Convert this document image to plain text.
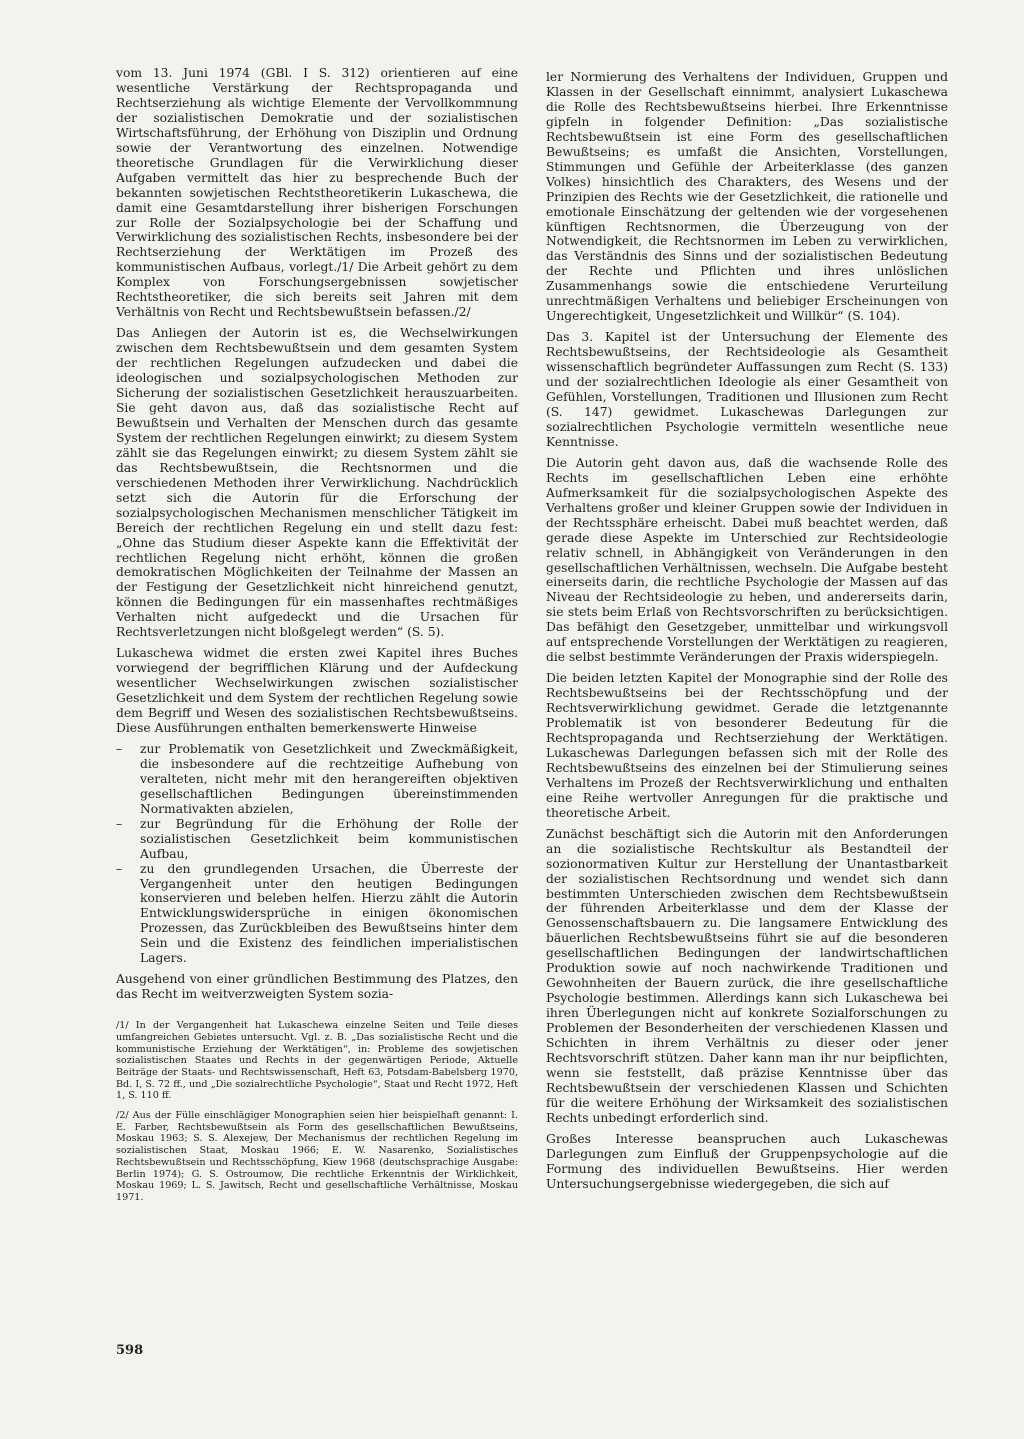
vom 13. Juni 1974 (GBl. I S. 312) orientieren auf eine wesentliche Verstärkung der Rechtspropaganda und Rechtserziehung als wichtige Elemente der Vervollkommnung der sozialistischen Demokratie und der sozialistischen Wirtschaftsführung, der Erhöhung von Disziplin und Ordnung sowie der Verantwortung des einzelnen. Notwendige theoretische Grundlagen für die Verwirklichung dieser Aufgaben vermittelt das hier zu besprechende Buch der bekannten sowjetischen Rechtstheoretikerin Lukaschewa, die damit eine Gesamtdarstellung ihrer bisherigen Forschungen zur Rolle der Sozialpsychologie bei der Schaffung und Verwirklichung des sozialistischen Rechts, insbesondere bei der Rechtserziehung der Werktätigen im Prozeß des kommunistischen Aufbaus, vorlegt./1/ Die Arbeit gehört zu dem Komplex von Forschungsergebnissen sowjetischer Rechtstheoretiker, die sich bereits seit Jahren mit dem Verhältnis von Recht und Rechtsbewußtsein befassen./2/

Das Anliegen der Autorin ist es, die Wechselwirkungen zwischen dem Rechtsbewußtsein und dem gesamten System der rechtlichen Regelungen aufzudecken und dabei die ideologischen und sozialpsychologischen Methoden zur Sicherung der sozialistischen Gesetzlichkeit herauszuarbeiten. Sie geht davon aus, daß das sozialistische Recht auf Bewußtsein und Verhalten der Menschen durch das gesamte System der rechtlichen Regelungen einwirkt; zu diesem System zählt sie das Regelungen einwirkt; zu diesem System zählt sie das Rechtsbewußtsein, die Rechtsnormen und die verschiedenen Methoden ihrer Verwirklichung. Nachdrücklich setzt sich die Autorin für die Erforschung der sozialpsychologischen Mechanismen menschlicher Tätigkeit im Bereich der rechtlichen Regelung ein und stellt dazu fest: „Ohne das Studium dieser Aspekte kann die Effektivität der rechtlichen Regelung nicht erhöht, können die großen demokratischen Möglichkeiten der Teilnahme der Massen an der Festigung der Gesetzlichkeit nicht hinreichend genutzt, können die Bedingungen für ein massenhaftes rechtmäßiges Verhalten nicht aufgedeckt und die Ursachen für Rechtsverletzungen nicht bloßgelegt werden“ (S. 5).

Lukaschewa widmet die ersten zwei Kapitel ihres Buches vorwiegend der begrifflichen Klärung und der Aufdeckung wesentlicher Wechselwirkungen zwischen sozialistischer Gesetzlichkeit und dem System der rechtlichen Regelung sowie dem Begriff und Wesen des sozialistischen Rechtsbewußtseins. Diese Ausführungen enthalten bemerkenswerte Hinweise

– zur Problematik von Gesetzlichkeit und Zweckmäßigkeit, die insbesondere auf die rechtzeitige Aufhebung von veralteten, nicht mehr mit den herangereiften objektiven gesellschaftlichen Bedingungen übereinstimmenden Normativakten abzielen,
– zur Begründung für die Erhöhung der Rolle der sozialistischen Gesetzlichkeit beim kommunistischen Aufbau,
– zu den grundlegenden Ursachen, die Überreste der Vergangenheit unter den heutigen Bedingungen konservieren und beleben helfen. Hierzu zählt die Autorin Entwicklungswidersprüche in einigen ökonomischen Prozessen, das Zurückbleiben des Bewußtseins hinter dem Sein und die Existenz des feindlichen imperialistischen Lagers.

Ausgehend von einer gründlichen Bestimmung des Platzes, den das Recht im weitverzweigten System sozia-

/1/ In der Vergangenheit hat Lukaschewa einzelne Seiten und Teile dieses umfangreichen Gebietes untersucht. Vgl. z. B. „Das sozialistische Recht und die kommunistische Erziehung der Werktätigen“, in: Probleme des sowjetischen sozialistischen Staates und Rechts in der gegenwärtigen Periode, Aktuelle Beiträge der Staats- und Rechtswissenschaft, Heft 63, Potsdam-Babelsberg 1970, Bd. I, S. 72 ff., und „Die sozialrechtliche Psychologie“, Staat und Recht 1972, Heft 1, S. 110 ff.

/2/ Aus der Fülle einschlägiger Monographien seien hier beispielhaft genannt: I. E. Farber, Rechtsbewußtsein als Form des gesellschaftlichen Bewußtseins, Moskau 1963; S. S. Alexejew, Der Mechanismus der rechtlichen Regelung im sozialistischen Staat, Moskau 1966; E. W. Nasarenko, Sozialistisches Rechtsbewußtsein und Rechtsschöpfung, Kiew 1968 (deutschsprachige Ausgabe: Berlin 1974); G. S. Ostroumow, Die rechtliche Erkenntnis der Wirklichkeit, Moskau 1969; L. S. Jawitsch, Recht und gesellschaftliche Verhältnisse, Moskau 1971.

ler Normierung des Verhaltens der Individuen, Gruppen und Klassen in der Gesellschaft einnimmt, analysiert Lukaschewa die Rolle des Rechtsbewußtseins hierbei. Ihre Erkenntnisse gipfeln in folgender Definition: „Das sozialistische Rechtsbewußtsein ist eine Form des gesellschaftlichen Bewußtseins; es umfaßt die Ansichten, Vorstellungen, Stimmungen und Gefühle der Arbeiterklasse (des ganzen Volkes) hinsichtlich des Charakters, des Wesens und der Prinzipien des Rechts wie der Gesetzlichkeit, die rationelle und emotionale Einschätzung der geltenden wie der vorgesehenen künftigen Rechtsnormen, die Überzeugung von der Notwendigkeit, die Rechtsnormen im Leben zu verwirklichen, das Verständnis des Sinns und der sozialistischen Bedeutung der Rechte und Pflichten und ihres unlöslichen Zusammenhangs sowie die entschiedene Verurteilung unrechtmäßigen Verhaltens und beliebiger Erscheinungen von Ungerechtigkeit, Ungesetzlichkeit und Willkür“ (S. 104).

Das 3. Kapitel ist der Untersuchung der Elemente des Rechtsbewußtseins, der Rechtsideologie als Gesamtheit wissenschaftlich begründeter Auffassungen zum Recht (S. 133) und der sozialrechtlichen Ideologie als einer Gesamtheit von Gefühlen, Vorstellungen, Traditionen und Illusionen zum Recht (S. 147) gewidmet. Lukaschewas Darlegungen zur sozialrechtlichen Psychologie vermitteln wesentliche neue Kenntnisse.

Die Autorin geht davon aus, daß die wachsende Rolle des Rechts im gesellschaftlichen Leben eine erhöhte Aufmerksamkeit für die sozialpsychologischen Aspekte des Verhaltens großer und kleiner Gruppen sowie der Individuen in der Rechtssphäre erheischt. Dabei muß beachtet werden, daß gerade diese Aspekte im Unterschied zur Rechtsideologie relativ schnell, in Abhängigkeit von Veränderungen in den gesellschaftlichen Verhältnissen, wechseln. Die Aufgabe besteht einerseits darin, die rechtliche Psychologie der Massen auf das Niveau der Rechtsideologie zu heben, und andererseits darin, sie stets beim Erlaß von Rechtsvorschriften zu berücksichtigen. Das befähigt den Gesetzgeber, unmittelbar und wirkungsvoll auf entsprechende Vorstellungen der Werktätigen zu reagieren, die selbst bestimmte Veränderungen der Praxis widerspiegeln.

Die beiden letzten Kapitel der Monographie sind der Rolle des Rechtsbewußtseins bei der Rechtsschöpfung und der Rechtsverwirklichung gewidmet. Gerade die letztgenannte Problematik ist von besonderer Bedeutung für die Rechtspropaganda und Rechtserziehung der Werktätigen. Lukaschewas Darlegungen befassen sich mit der Rolle des Rechtsbewußtseins des einzelnen bei der Stimulierung seines Verhaltens im Prozeß der Rechtsverwirklichung und enthalten eine Reihe wertvoller Anregungen für die praktische und theoretische Arbeit.

Zunächst beschäftigt sich die Autorin mit den Anforderungen an die sozialistische Rechtskultur als Bestandteil der sozionormativen Kultur zur Herstellung der Unantastbarkeit der sozialistischen Rechtsordnung und wendet sich dann bestimmten Unterschieden zwischen dem Rechtsbewußtsein der führenden Arbeiterklasse und dem der Klasse der Genossenschaftsbauern zu. Die langsamere Entwicklung des bäuerlichen Rechtsbewußtseins führt sie auf die besonderen gesellschaftlichen Bedingungen der landwirtschaftlichen Produktion sowie auf noch nachwirkende Traditionen und Gewohnheiten der Bauern zurück, die ihre gesellschaftliche Psychologie bestimmen. Allerdings kann sich Lukaschewa bei ihren Überlegungen nicht auf konkrete Sozialforschungen zu Problemen der Besonderheiten der verschiedenen Klassen und Schichten in ihrem Verhältnis zu dieser oder jener Rechtsvorschrift stützen. Daher kann man ihr nur beipflichten, wenn sie feststellt, daß präzise Kenntnisse über das Rechtsbewußtsein der verschiedenen Klassen und Schichten für die weitere Erhöhung der Wirksamkeit des sozialistischen Rechts unbedingt erforderlich sind.

Großes Interesse beanspruchen auch Lukaschewas Darlegungen zum Einfluß der Gruppenpsychologie auf die Formung des individuellen Bewußtseins. Hier werden Untersuchungsergebnisse wiedergegeben, die sich auf

598
